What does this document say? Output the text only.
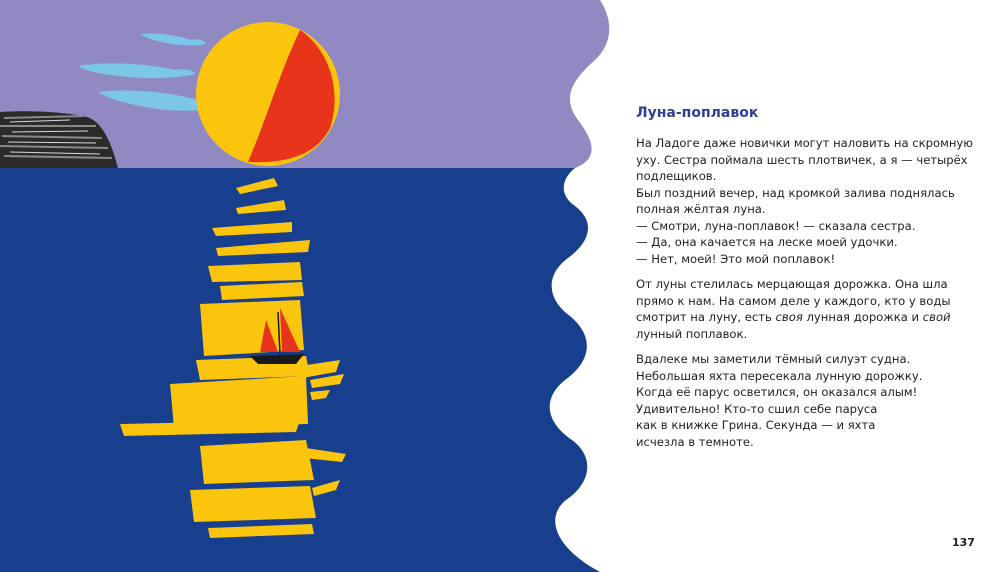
Луна-поплавок

На Ладоге даже новички могут наловить на скромную
уху. Сестра поймала шесть плотвичек, а я — четырёх
подлещиков.
Был поздний вечер, над кромкой залива поднялась
полная жёлтая луна.
— Смотри, луна-поплавок! — сказала сестра.
— Да, она качается на леске моей удочки.
— Нет, моей! Это мой поплавок!

От луны стелилась мерцающая дорожка. Она шла
прямо к нам. На самом деле у каждого, кто у воды
смотрит на луну, есть своя лунная дорожка и свой
лунный поплавок.

Вдалеке мы заметили тёмный силуэт судна.
Небольшая яхта пересекала лунную дорожку.
Когда её парус осветился, он оказался алым!
Удивительно! Кто-то сшил себе паруса
как в книжке Грина. Секунда — и яхта
исчезла в темноте.

137
